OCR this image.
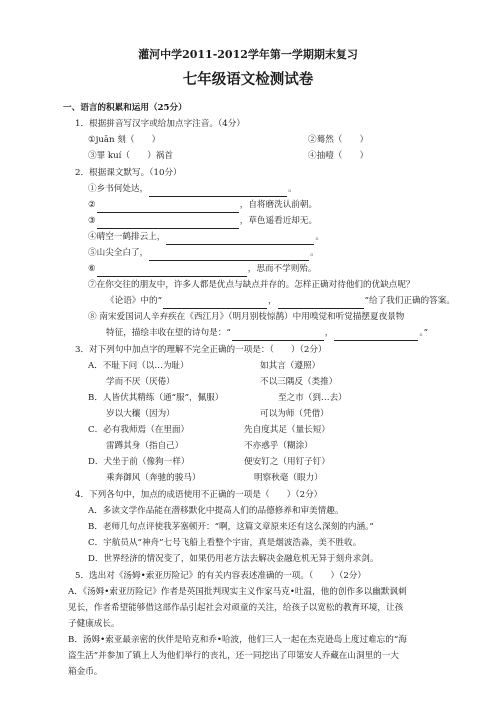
灌河中学2011-2012学年第一学期期末复习
七年级语文检测试卷
一、语言的积累和运用（25分）
1．根据拼音写汉字或给加点字注音。（4分）
①juān 刻（　　）	②蓦然（　　）
③罪 kuí（　　）祸首	④抽噎（　　）
2．根据课文默写。（10分）
①乡书何处达，	。
②	，自将磨洗认前朝。
③	，草色遥看近却无。
④晴空一鹤排云上，	。
⑤山尖全白了，	。
⑥	，思而不学则殆。
⑦在你交往的朋友中，许多人都是优点与缺点并存的。怎样正确对待他们的优缺点呢？
《论语》中的“	，	”给了我们正确的答案。
⑧ 南宋爱国词人辛弃疾在《西江月》（明月别枝惊鹊）中用嗅觉和听觉描摆夏夜景物
特征，描绘丰收在望的诗句是：“	，	。”
3．对下列句中加点字的理解不完全正确的一项是：（　　）（2分）
A．不耻下问（以…为耻）	如其言（遵照）
学而不厌（厌倦）	不以三隅反（类推）
B．人皆伏其精练（通“服”，佩服）	至之市（到…去）
岁以大穰（因为）	可以为师（凭借）
C．必有我师焉（在里面）	先自度其足（量长短）
雷蹲其身（指自己）	不亦惑乎（糊涂）
D．犬坐于前（像狗一样）	便安钉之（用钉子钉）
乘奔御风（奔驰的骏马）	明察秋毫（眼力）
4．下列各句中，加点的成语使用不正确的一项是（　　）（2分）
A．多读文学作品能在潜移默化中提高人们的品德修养和审美情趣。
B．老师几句点评使我茅塞顿开：“啊，这篇文章原来还有这么深刻的内涵。”
C．宇航员从“神舟”七号飞船上看整个宇宙，真是烟波浩淼，美不胜收。
D．世界经济的情况变了，如果仍用老方法去解决金融危机无异于刻舟求剑。
5．选出对《汤姆•索亚历险记》的有关内容表述准确的一项。（　　）（2分）
A．《汤姆•索亚历险记》作者是英国批判现实主义作家马克•吐温，他的创作多以幽默讽刺
见长，作者希望能够借这部作品引起社会对顽童的关注，给孩子以宽松的教育环境，让孩
子健康成长。
B．汤姆•索亚最亲密的伙伴是哈克和乔•哈波，他们三人一起在杰克逊岛上度过难忘的“海
盗生活”并参加了镇上人为他们举行的丧礼，还一同挖出了印第安人乔藏在山洞里的一大
箱金币。
